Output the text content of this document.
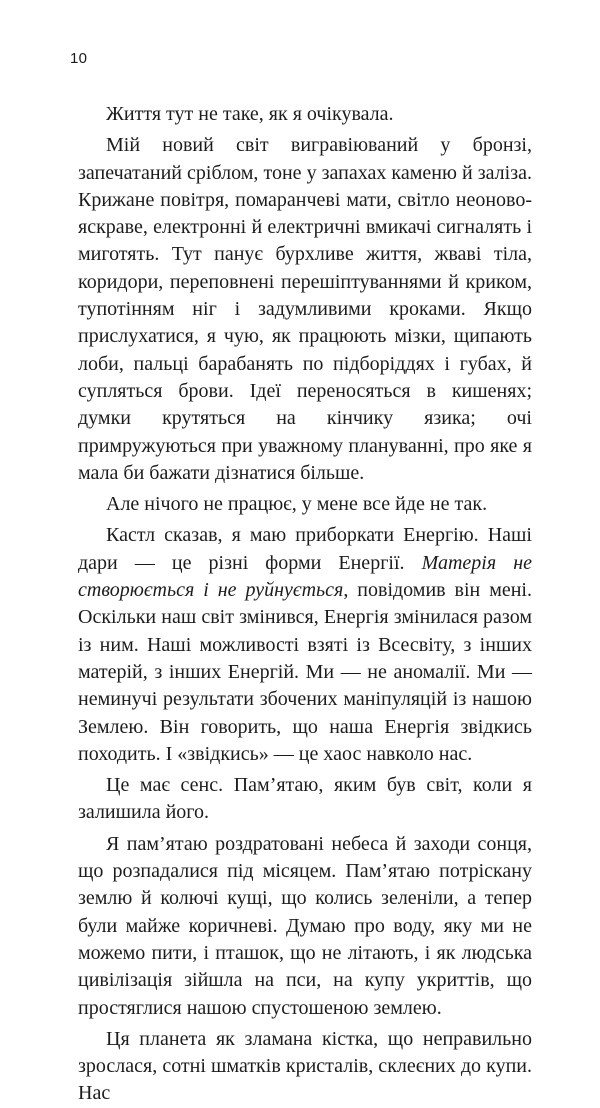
10

Життя тут не таке, як я очікувала.

Мій новий світ вигравіюваний у бронзі, запечатаний сріблом, тоне у запахах каменю й заліза. Крижане повітря, помаранчеві мати, світло неоново-яскраве, електронні й електричні вмикачі сигналять і миготять. Тут панує бурхливе життя, жваві тіла, коридори, переповнені перешіптуваннями й криком, тупотінням ніг і задумливими кроками. Якщо прислухатися, я чую, як працюють мізки, щипають лоби, пальці барабанять по підборіддях і губах, й супляться брови. Ідеї переносяться в кишенях; думки крутяться на кінчику язика; очі примружуються при уважному плануванні, про яке я мала би бажати дізнатися більше.

Але нічого не працює, у мене все йде не так.

Кастл сказав, я маю приборкати Енергію. Наші дари — це різні форми Енергії. Матерія не створюється і не руйнується, повідомив він мені. Оскільки наш світ змінився, Енергія змінилася разом із ним. Наші можливості взяті із Всесвіту, з інших матерій, з інших Енергій. Ми — не аномалії. Ми — неминучі результати збочених маніпуляцій із нашою Землею. Він говорить, що наша Енергія звідкись походить. І «звідкись» — це хаос навколо нас.

Це має сенс. Пам’ятаю, яким був світ, коли я залишила його.

Я пам’ятаю роздратовані небеса й заходи сонця, що розпадалися під місяцем. Пам’ятаю потріскану землю й колючі кущі, що колись зеленіли, а тепер були майже коричневі. Думаю про воду, яку ми не можемо пити, і пташок, що не літають, і як людська цивілізація зійшла на пси, на купу укриттів, що простяглися нашою спустошеною землею.

Ця планета як зламана кістка, що неправильно зрослася, сотні шматків кристалів, склеєних до купи. Нас
